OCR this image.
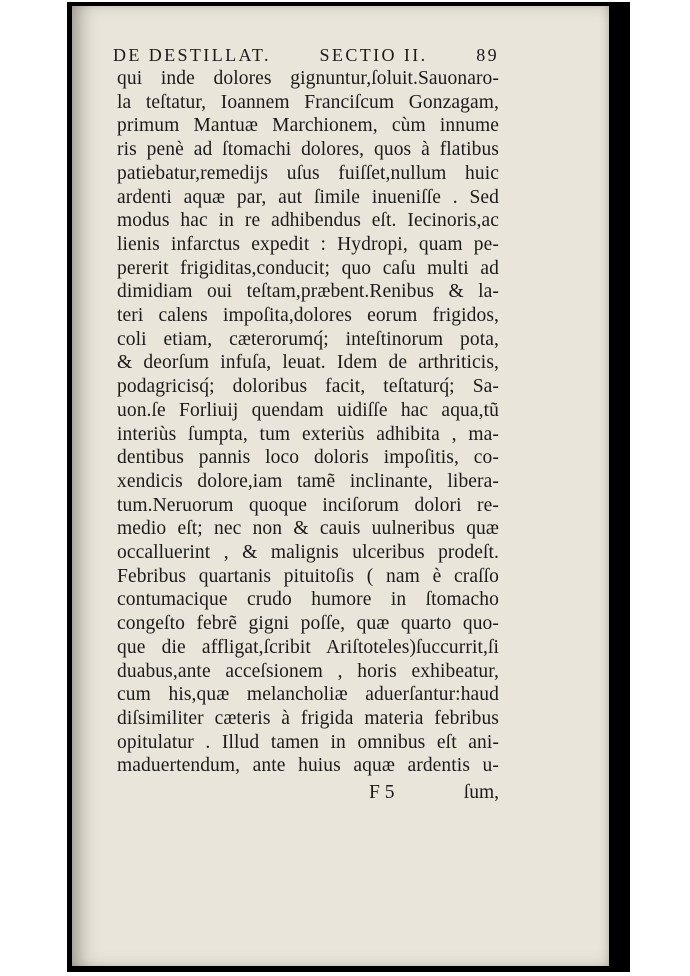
DE DESTILLAT.	SECTIO II.	89
qui inde dolores gignuntur,ſoluit.Sauonaro-
la teſtatur, Ioannem Franciſcum Gonzagam,
primum Mantuæ Marchionem, cùm innume
ris penè ad ſtomachi dolores, quos à flatibus
patiebatur,remedijs uſus fuiſſet,nullum huic
ardenti aquæ par, aut ſimile inueniſſe . Sed
modus hac in re adhibendus eſt. Iecinoris,ac
lienis infarctus expedit : Hydropi, quam pe-
pererit frigiditas,conducit; quo caſu multi ad
dimidiam oui teſtam,præbent.Renibus & la-
teri calens impoſita,dolores eorum frigidos,
coli etiam, cæterorumq́; inteſtinorum pota,
& deorſum infuſa, leuat. Idem de arthriticis,
podagricisq́; doloribus facit, teſtaturq́; Sa-
uon.ſe Forliuij quendam uidiſſe hac aqua,tũ
interiùs ſumpta, tum exteriùs adhibita , ma-
dentibus pannis loco doloris impoſitis, co-
xendicis dolore,iam tamẽ inclinante, libera-
tum.Neruorum quoque inciſorum dolori re-
medio eſt; nec non & cauis uulneribus quæ
occalluerint , & malignis ulceribus prodeſt.
Febribus quartanis pituitoſis ( nam è craſſo
contumacique crudo humore in ſtomacho
congeſto febrẽ gigni poſſe, quæ quarto quo-
que die affligat,ſcribit Ariſtoteles)ſuccurrit,ſi
duabus,ante acceſsionem , horis exhibeatur,
cum his,quæ melancholiæ aduerſantur:haud
diſsimiliter cæteris à frigida materia febribus
opitulatur . Illud tamen in omnibus eſt ani-
maduertendum, ante huius aquæ ardentis u-
F 5	ſum,
